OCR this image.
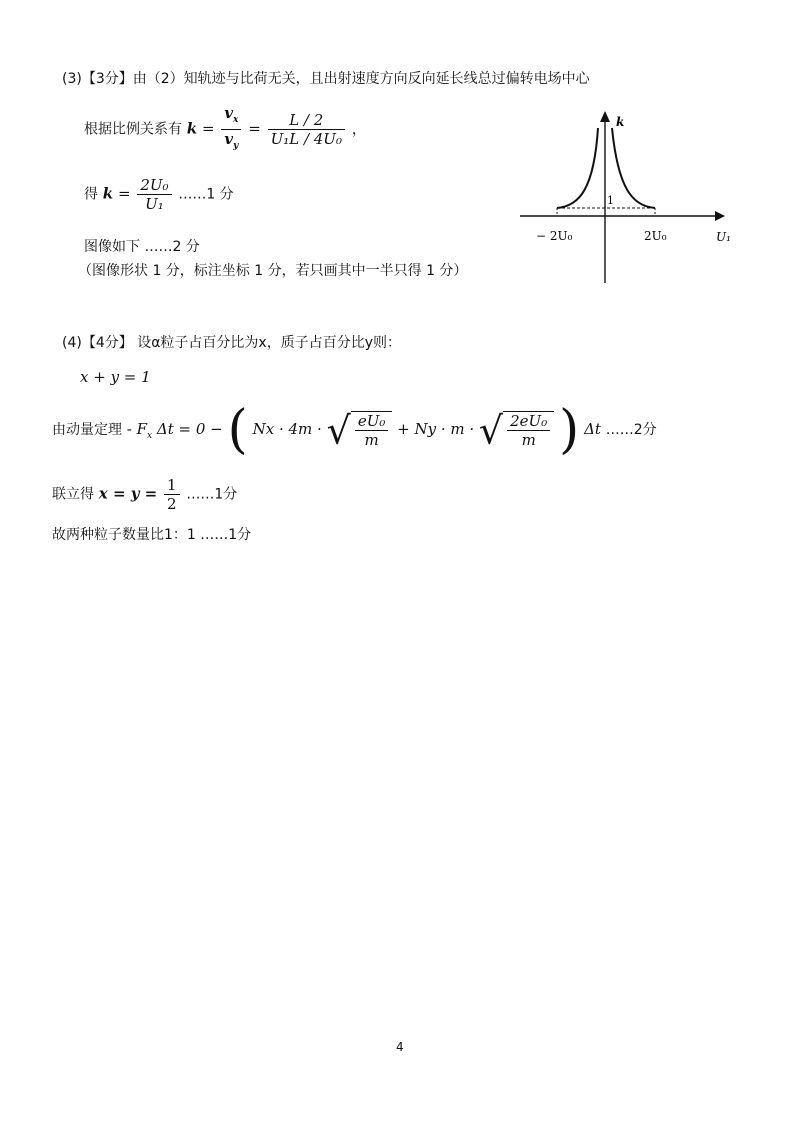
(3)【3分】由（2）知轨迹与比荷无关，且出射速度方向反向延长线总过偏转电场中心
根据比例关系有 $k = \frac{v_x}{v_y} = \frac{L / 2}{\text{U₁L / 4U₀}}$ ，
得 $k = \frac{\text{2U₀}}{\text{U₁}}$ ……1 分
图像如下 ……2 分
（图像形状 1 分，标注坐标 1 分，若只画其中一半只得 1 分）
k
U₁
− 2U₀	2U₀
1
(4)【4分】 设α粒子占百分比为x，质子占百分比y则：
x + y = 1
由动量定理 - $F_x$ Δt = 0 − ( Nx · 4m · √ $\frac{\text{eU₀}}{m} + Ny \cdot m$ · √ $\frac{\text{2eU₀}}{m}$ ) Δt ……2分
联立得 $x = y = \frac{1}{2}$ ……1分
故两种粒子数量比1：1 ……1分
4
